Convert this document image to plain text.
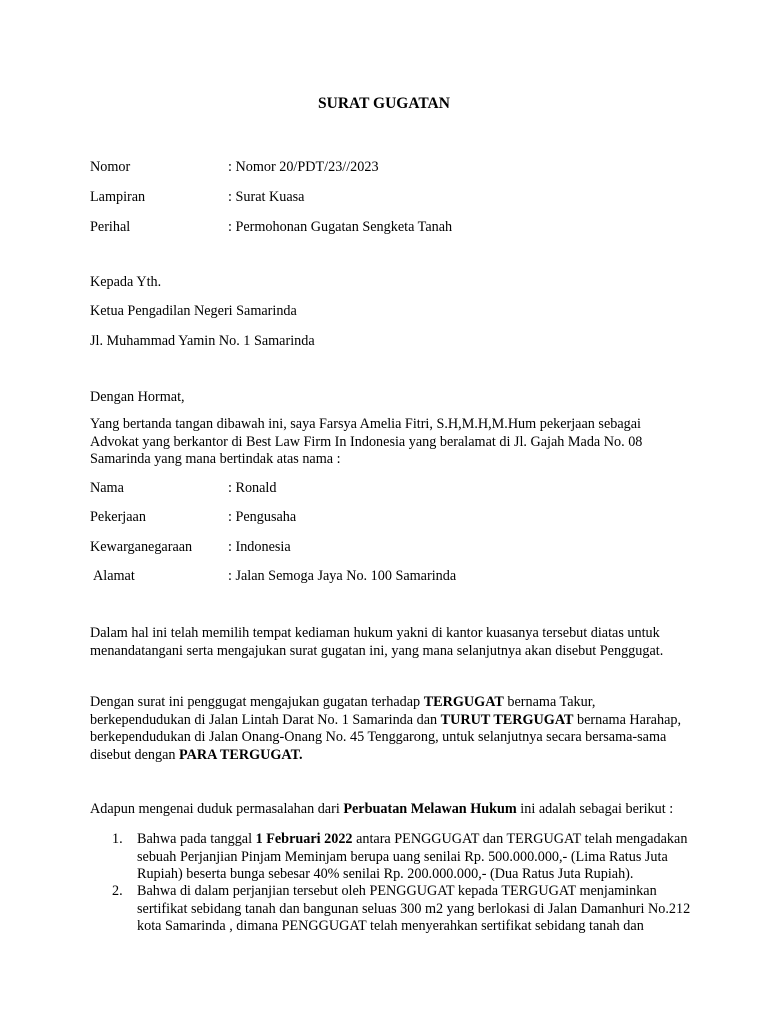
SURAT GUGATAN
Nomor	: Nomor 20/PDT/23//2023
Lampiran	: Surat Kuasa
Perihal	: Permohonan Gugatan Sengketa Tanah
Kepada Yth.
Ketua Pengadilan Negeri Samarinda
Jl. Muhammad Yamin No. 1 Samarinda
Dengan Hormat,
Yang bertanda tangan dibawah ini, saya Farsya Amelia Fitri, S.H,M.H,M.Hum pekerjaan sebagai
Advokat yang berkantor di Best Law Firm In Indonesia yang beralamat di Jl. Gajah Mada No. 08
Samarinda yang mana bertindak atas nama :
Nama	: Ronald
Pekerjaan	: Pengusaha
Kewarganegaraan	: Indonesia
Alamat	: Jalan Semoga Jaya No. 100 Samarinda
Dalam hal ini telah memilih tempat kediaman hukum yakni di kantor kuasanya tersebut diatas untuk
menandatangani serta mengajukan surat gugatan ini, yang mana selanjutnya akan disebut Penggugat.
Dengan surat ini penggugat mengajukan gugatan terhadap TERGUGAT bernama Takur,
berkependudukan di Jalan Lintah Darat No. 1 Samarinda dan TURUT TERGUGAT bernama Harahap,
berkependudukan di Jalan Onang-Onang No. 45 Tenggarong, untuk selanjutnya secara bersama-sama
disebut dengan PARA TERGUGAT.
Adapun mengenai duduk permasalahan dari Perbuatan Melawan Hukum ini adalah sebagai berikut :
1. Bahwa pada tanggal 1 Februari 2022 antara PENGGUGAT dan TERGUGAT telah mengadakan
sebuah Perjanjian Pinjam Meminjam berupa uang senilai Rp. 500.000.000,- (Lima Ratus Juta
Rupiah) beserta bunga sebesar 40% senilai Rp. 200.000.000,- (Dua Ratus Juta Rupiah).
2. Bahwa di dalam perjanjian tersebut oleh PENGGUGAT kepada TERGUGAT menjaminkan
sertifikat sebidang tanah dan bangunan seluas 300 m2 yang berlokasi di Jalan Damanhuri No.212
kota Samarinda , dimana PENGGUGAT telah menyerahkan sertifikat sebidang tanah dan
